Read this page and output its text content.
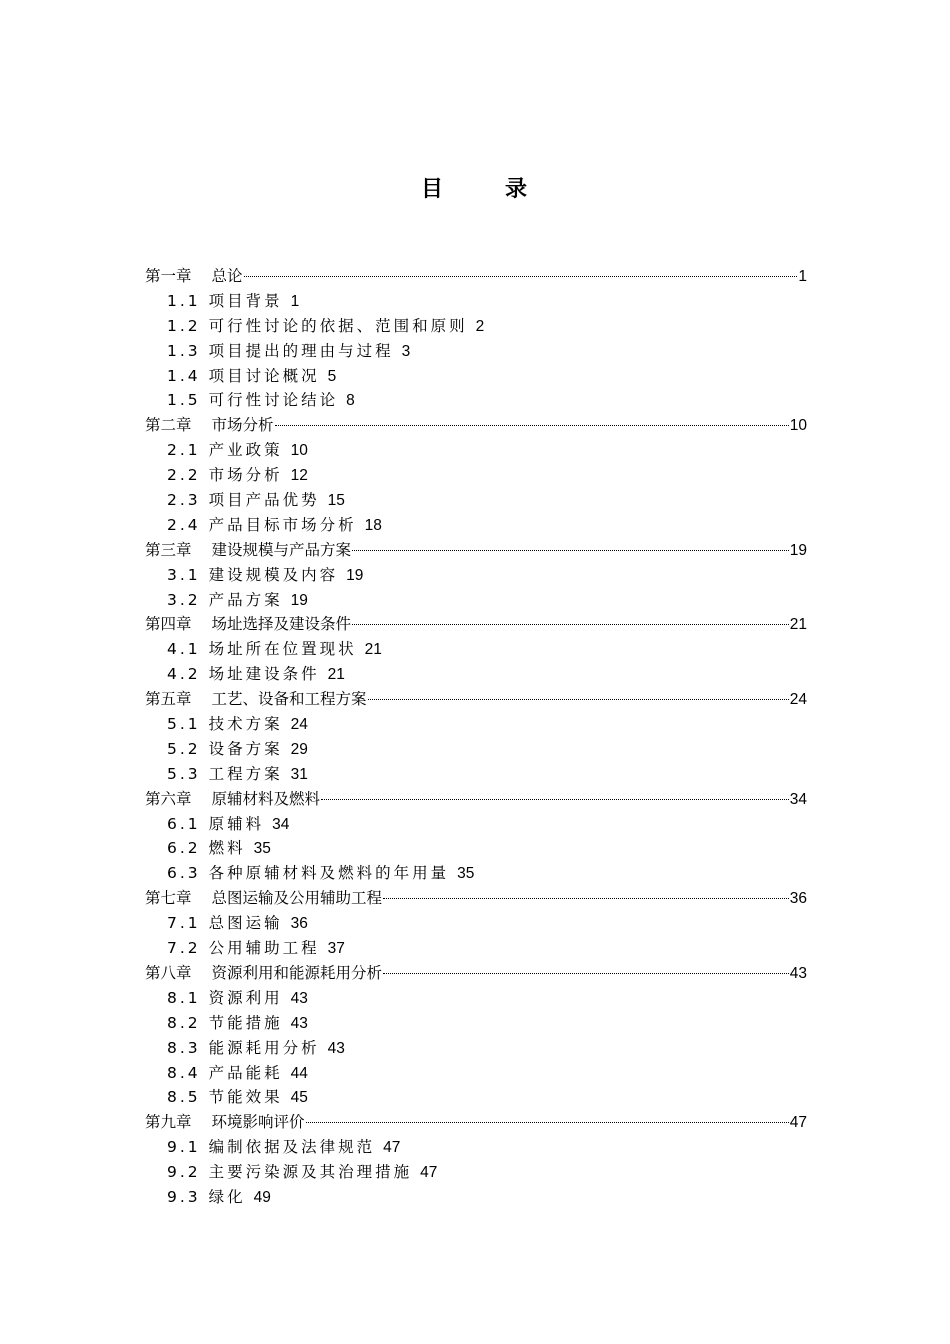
目	录
第一章 总论	1
1.1 项目背景 1
1.2 可行性讨论的依据、范围和原则 2
1.3 项目提出的理由与过程 3
1.4 项目讨论概况 5
1.5 可行性讨论结论 8
第二章 市场分析	10
2.1 产业政策 10
2.2 市场分析 12
2.3 项目产品优势 15
2.4 产品目标市场分析 18
第三章 建设规模与产品方案	19
3.1 建设规模及内容 19
3.2 产品方案 19
第四章 场址选择及建设条件	21
4.1 场址所在位置现状 21
4.2 场址建设条件 21
第五章 工艺、设备和工程方案	24
5.1 技术方案 24
5.2 设备方案 29
5.3 工程方案 31
第六章 原辅材料及燃料	34
6.1 原辅料 34
6.2 燃料 35
6.3 各种原辅材料及燃料的年用量 35
第七章 总图运输及公用辅助工程	36
7.1 总图运输 36
7.2 公用辅助工程 37
第八章 资源利用和能源耗用分析	43
8.1 资源利用 43
8.2 节能措施 43
8.3 能源耗用分析 43
8.4 产品能耗 44
8.5 节能效果 45
第九章 环境影响评价	47
9.1 编制依据及法律规范 47
9.2 主要污染源及其治理措施 47
9.3 绿化 49
